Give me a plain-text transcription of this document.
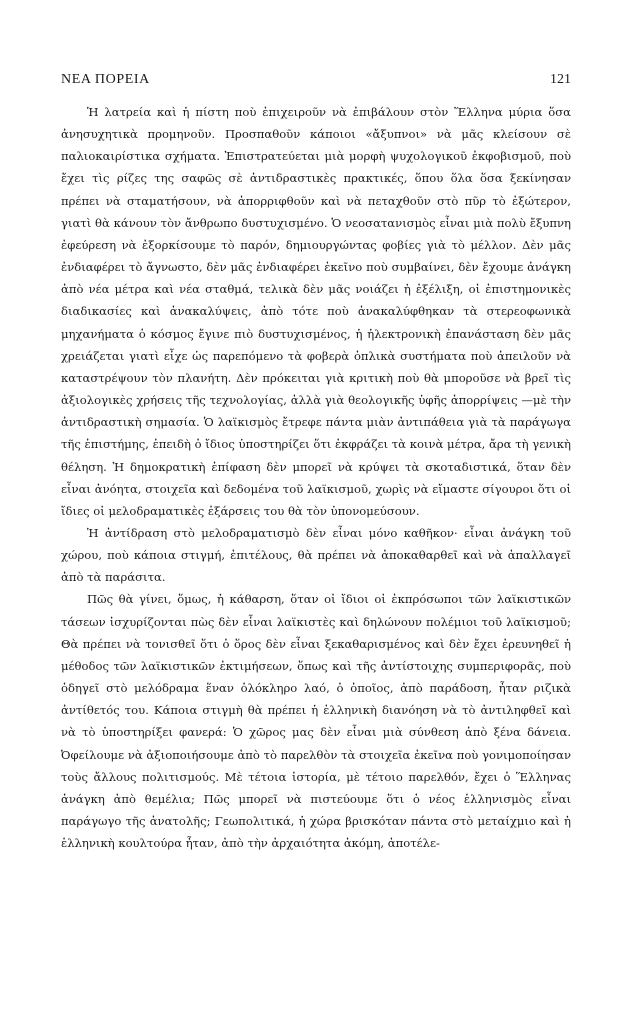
ΝΕΑ ΠΟΡΕΙΑ	121

Ἡ λατρεία καὶ ἡ πίστη ποὺ ἐπιχειροῦν νὰ ἐπιβάλουν στὸν Ἕλληνα μύρια ὅσα ἀνησυχητικὰ προμηνοῦν. Προσπαθοῦν κάποιοι «ἄξυπνοι» νὰ μᾶς κλείσουν σὲ παλιοκαιρίστικα σχήματα. Ἐπιστρατεύεται μιὰ μορφὴ ψυχολογικοῦ ἐκφοβισμοῦ, ποὺ ἔχει τὶς ρίζες της σαφῶς σὲ ἀντιδραστικὲς πρακτικές, ὅπου ὅλα ὅσα ξεκίνησαν πρέπει νὰ σταματήσουν, νὰ ἀπορριφθοῦν καὶ νὰ πεταχθοῦν στὸ πῦρ τὸ ἐξώτερον, γιατὶ θὰ κάνουν τὸν ἄνθρωπο δυστυχισμένο. Ὁ νεοσατανισμὸς εἶναι μιὰ πολὺ ἔξυπνη ἐφεύρεση νὰ ἐξορκίσουμε τὸ παρόν, δημιουργώντας φοβίες γιὰ τὸ μέλλον. Δὲν μᾶς ἐνδιαφέρει τὸ ἄγνωστο, δὲν μᾶς ἐνδιαφέρει ἐκεῖνο ποὺ συμβαίνει, δὲν ἔχουμε ἀνάγκη ἀπὸ νέα μέτρα καὶ νέα σταθμά, τελικὰ δὲν μᾶς νοιάζει ἡ ἐξέλιξη, οἱ ἐπιστημονικὲς διαδικασίες καὶ ἀνακαλύψεις, ἀπὸ τότε ποὺ ἀνακαλύφθηκαν τὰ στερεοφωνικὰ μηχανήματα ὁ κόσμος ἔγινε πιὸ δυστυχισμένος, ἡ ἠλεκτρονικὴ ἐπανάσταση δὲν μᾶς χρειάζεται γιατὶ εἶχε ὡς παρεπόμενο τὰ φοβερὰ ὁπλικὰ συστήματα ποὺ ἀπειλοῦν νὰ καταστρέψουν τὸν πλανήτη. Δὲν πρόκειται γιὰ κριτικὴ ποὺ θὰ μποροῦσε νὰ βρεῖ τὶς ἀξιολογικὲς χρήσεις τῆς τεχνολογίας, ἀλλὰ γιὰ θεολογικῆς ὑφῆς ἀπορρίψεις —μὲ τὴν ἀντιδραστικὴ σημασία. Ὁ λαϊκισμὸς ἔτρεφε πάντα μιὰν ἀντιπάθεια γιὰ τὰ παράγωγα τῆς ἐπιστήμης, ἐπειδὴ ὁ ἴδιος ὑποστηρίζει ὅτι ἐκφράζει τὰ κοινὰ μέτρα, ἄρα τὴ γενικὴ θέληση. Ἡ δημοκρατικὴ ἐπίφαση δὲν μπορεῖ νὰ κρύψει τὰ σκοταδιστικά, ὅταν δὲν εἶναι ἀνόητα, στοιχεῖα καὶ δεδομένα τοῦ λαϊκισμοῦ, χωρὶς νὰ εἴμαστε σίγουροι ὅτι οἱ ἴδιες οἱ μελοδραματικὲς ἐξάρσεις του θὰ τὸν ὑπονομεύσουν.

Ἡ ἀντίδραση στὸ μελοδραματισμὸ δὲν εἶναι μόνο καθῆκον· εἶναι ἀνάγκη τοῦ χώρου, ποὺ κάποια στιγμή, ἐπιτέλους, θὰ πρέπει νὰ ἀποκαθαρθεῖ καὶ νὰ ἀπαλλαγεῖ ἀπὸ τὰ παράσιτα.

Πῶς θὰ γίνει, ὅμως, ἡ κάθαρση, ὅταν οἱ ἴδιοι οἱ ἐκπρόσωποι τῶν λαϊκιστικῶν τάσεων ἰσχυρίζονται πὼς δὲν εἶναι λαϊκιστὲς καὶ δηλώνουν πολέμιοι τοῦ λαϊκισμοῦ; Θὰ πρέπει νὰ τονισθεῖ ὅτι ὁ ὅρος δὲν εἶναι ξεκαθαρισμένος καὶ δὲν ἔχει ἐρευνηθεῖ ἡ μέθοδος τῶν λαϊκιστικῶν ἐκτιμήσεων, ὅπως καὶ τῆς ἀντίστοιχης συμπεριφορᾶς, ποὺ ὁδηγεῖ στὸ μελόδραμα ἕναν ὁλόκληρο λαό, ὁ ὁποῖος, ἀπὸ παράδοση, ἦταν ριζικὰ ἀντίθετός του. Κάποια στιγμὴ θὰ πρέπει ἡ ἑλληνικὴ διανόηση νὰ τὸ ἀντιληφθεῖ καὶ νὰ τὸ ὑποστηρίξει φανερά: Ὁ χῶρος μας δὲν εἶναι μιὰ σύνθεση ἀπὸ ξένα δάνεια. Ὀφείλουμε νὰ ἀξιοποιήσουμε ἀπὸ τὸ παρελθὸν τὰ στοιχεῖα ἐκεῖνα ποὺ γονιμοποίησαν τοὺς ἄλλους πολιτισμούς. Μὲ τέτοια ἱστορία, μὲ τέτοιο παρελθόν, ἔχει ὁ Ἕλληνας ἀνάγκη ἀπὸ θεμέλια; Πῶς μπορεῖ νὰ πιστεύουμε ὅτι ὁ νέος ἑλληνισμὸς εἶναι παράγωγο τῆς ἀνατολῆς; Γεωπολιτικά, ἡ χώρα βρισκόταν πάντα στὸ μεταίχμιο καὶ ἡ ἑλληνικὴ κουλτούρα ἦταν, ἀπὸ τὴν ἀρχαιότητα ἀκόμη, ἀποτέλε-
